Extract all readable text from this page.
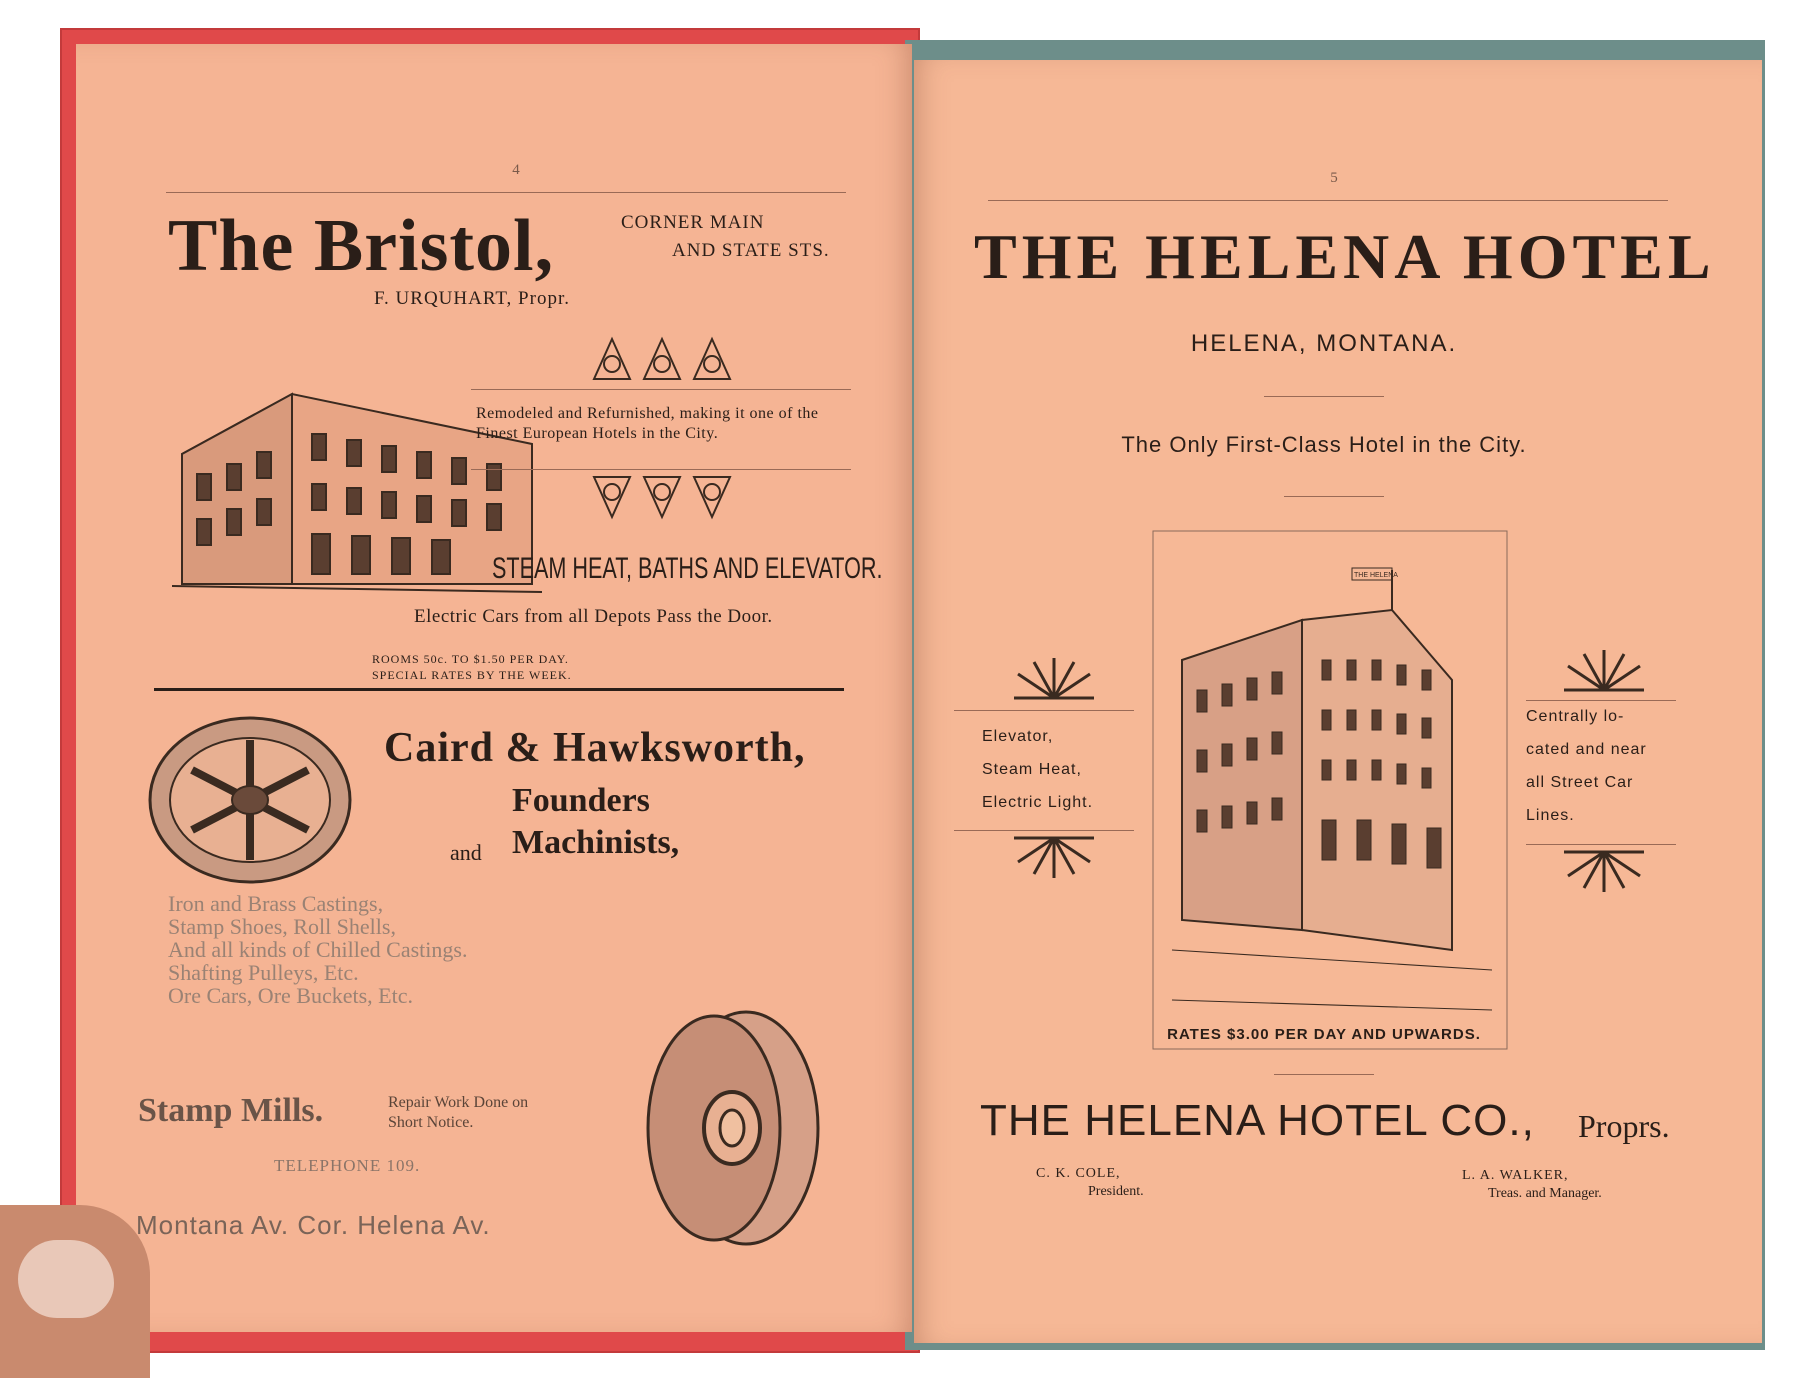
4
The Bristol,	CORNER MAIN
AND STATE STS.
F. URQUHART, Propr.
Remodeled and Refurnished, making it one of the Finest European Hotels in the City.
STEAM HEAT, BATHS AND ELEVATOR.
Electric Cars from all Depots Pass the Door.
ROOMS 50c. TO $1.50 PER DAY.
SPECIAL RATES BY THE WEEK.
Caird & Hawksworth,
Founders
and Machinists,
Iron and Brass Castings,
Stamp Shoes, Roll Shells,
And all kinds of Chilled Castings.
Shafting Pulleys, Etc.
Ore Cars, Ore Buckets, Etc.
Stamp Mills.	Repair Work Done on
Short Notice.
TELEPHONE 109.
Montana Av. Cor. Helena Av.
5
THE HELENA HOTEL
HELENA, MONTANA.
The Only First-Class Hotel in the City.
Elevator,
Steam Heat,
Electric Light.
Centrally lo-
cated and near
all Street Car
Lines.
THE HELENA
RATES $3.00 PER DAY AND UPWARDS.
THE HELENA HOTEL CO., Proprs.
C. K. COLE,
President.
L. A. WALKER,
Treas. and Manager.
